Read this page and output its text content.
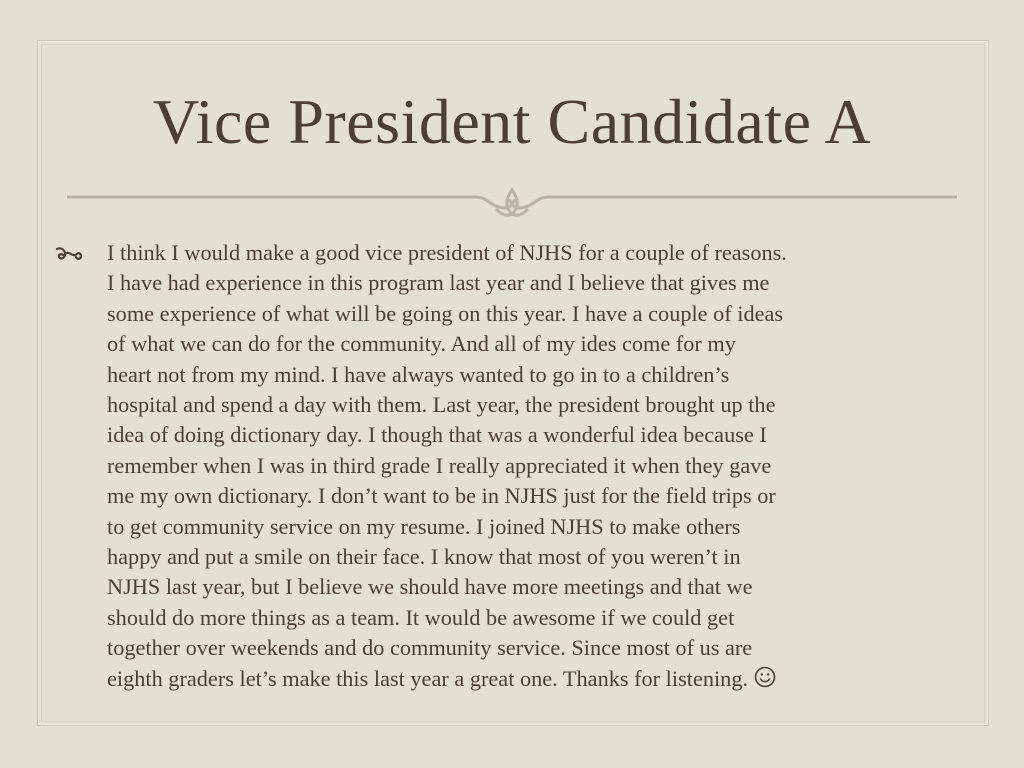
Vice President Candidate A

I think I would make a good vice president of NJHS for a couple of reasons.
I have had experience in this program last year and I believe that gives me
some experience of what will be going on this year. I have a couple of ideas
of what we can do for the community. And all of my ides come for my
heart not from my mind. I have always wanted to go in to a children’s
hospital and spend a day with them. Last year, the president brought up the
idea of doing dictionary day. I though that was a wonderful idea because I
remember when I was in third grade I really appreciated it when they gave
me my own dictionary. I don’t want to be in NJHS just for the field trips or
to get community service on my resume. I joined NJHS to make others
happy and put a smile on their face. I know that most of you weren’t in
NJHS last year, but I believe we should have more meetings and that we
should do more things as a team. It would be awesome if we could get
together over weekends and do community service. Since most of us are
eighth graders let’s make this last year a great one. Thanks for listening.
